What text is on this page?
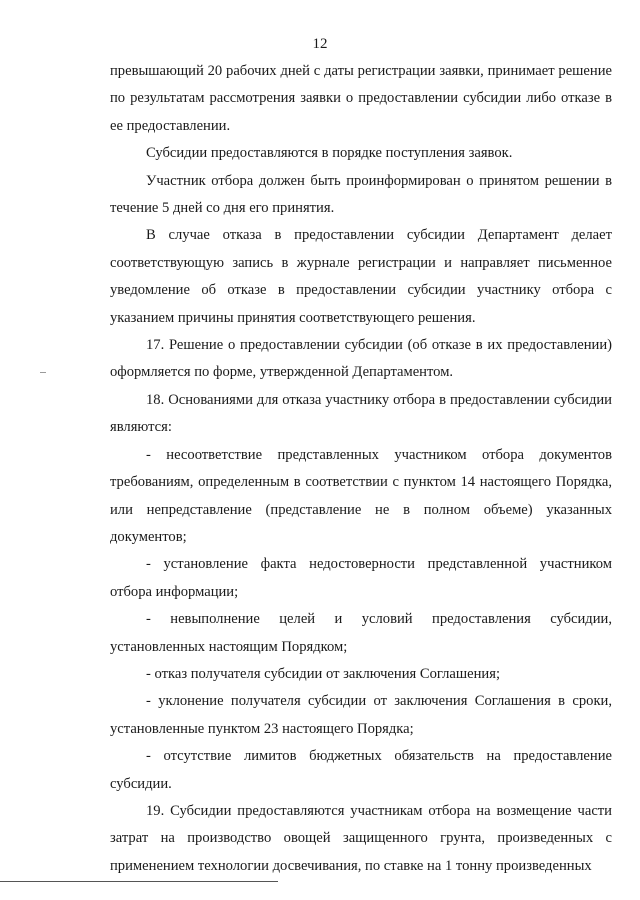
12

превышающий 20 рабочих дней с даты регистрации заявки, принимает решение по результатам рассмотрения заявки о предоставлении субсидии либо отказе в ее предоставлении.

Субсидии предоставляются в порядке поступления заявок.

Участник отбора должен быть проинформирован о принятом решении в течение 5 дней со дня его принятия.

В случае отказа в предоставлении субсидии Департамент делает соответствующую запись в журнале регистрации и направляет письменное уведомление об отказе в предоставлении субсидии участнику отбора с указанием причины принятия соответствующего решения.

17. Решение о предоставлении субсидии (об отказе в их предоставлении) оформляется по форме, утвержденной Департаментом.

18. Основаниями для отказа участнику отбора в предоставлении субсидии являются:

- несоответствие представленных участником отбора документов требованиям, определенным в соответствии с пунктом 14 настоящего Порядка, или непредставление (представление не в полном объеме) указанных документов;

- установление факта недостоверности представленной участником отбора информации;

- невыполнение целей и условий предоставления субсидии, установленных настоящим Порядком;

- отказ получателя субсидии от заключения Соглашения;

- уклонение получателя субсидии от заключения Соглашения в сроки, установленные пунктом 23 настоящего Порядка;

- отсутствие лимитов бюджетных обязательств на предоставление субсидии.

19. Субсидии предоставляются участникам отбора на возмещение части затрат на производство овощей защищенного грунта, произведенных с применением технологии досвечивания, по ставке на 1 тонну произведенных
